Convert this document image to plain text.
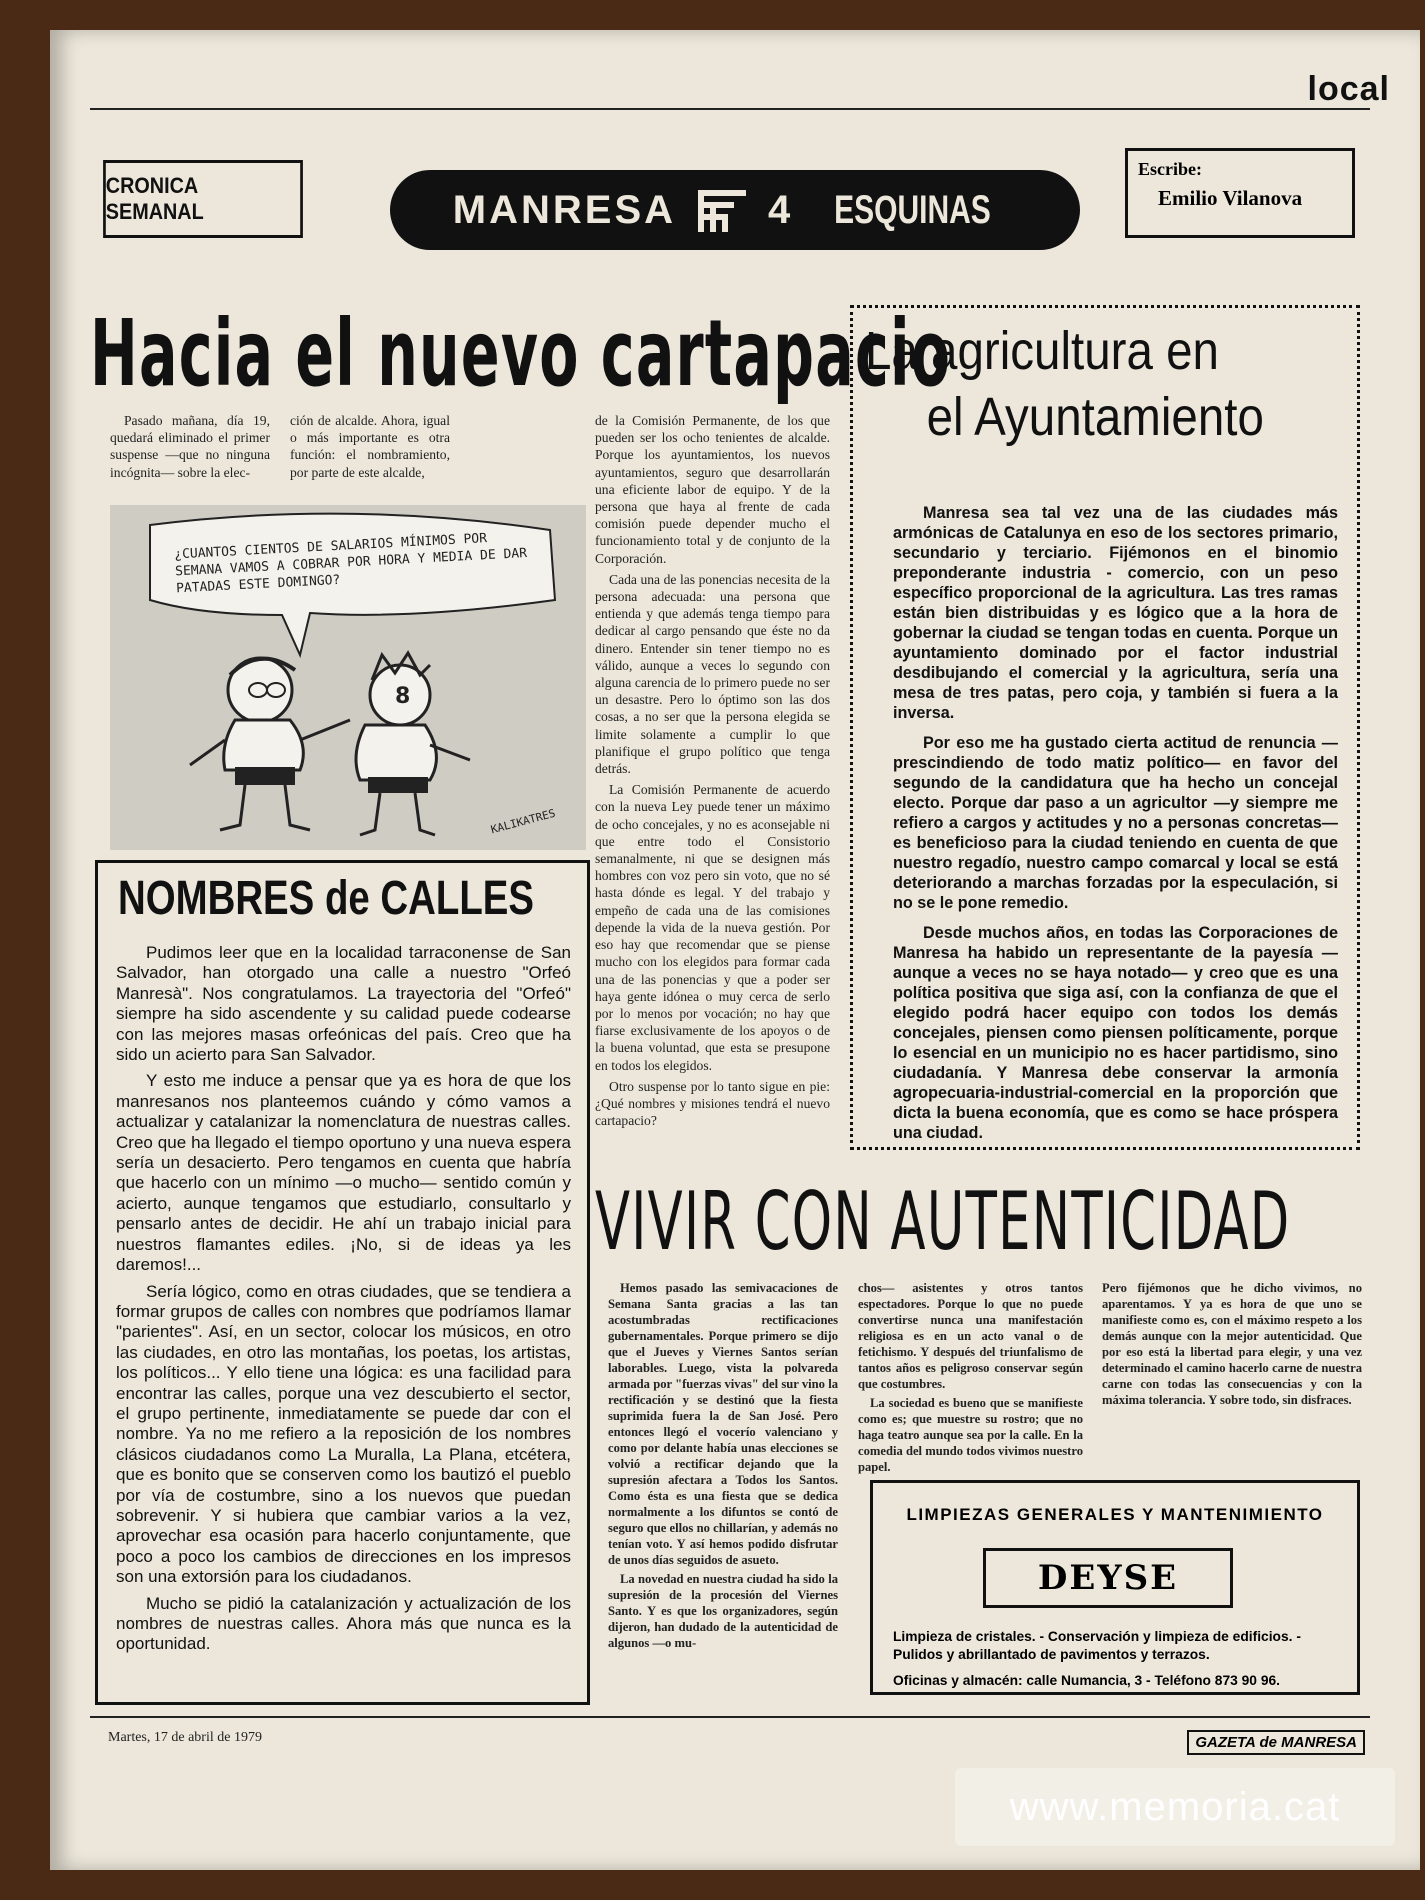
local
CRONICA SEMANAL	MANRESA 4 ESQUINAS
Escribe:
Emilio Vilanova
Hacia el nuevo cartapacio

Pasado mañana, día 19, quedará eliminado el primer suspense —que no ninguna incógnita— sobre la elec-

ción de alcalde. Ahora, igual o más importante es otra función: el nombramiento, por parte de este alcalde,

de la Comisión Permanente, de los que pueden ser los ocho tenientes de alcalde. Porque los ayuntamientos, los nuevos ayuntamientos, seguro que desarrollarán una eficiente labor de equipo. Y de la persona que haya al frente de cada comisión puede depender mucho el funcionamiento total y de conjunto de la Corporación.

Cada una de las ponencias necesita de la persona adecuada: una persona que entienda y que además tenga tiempo para dedicar al cargo pensando que éste no da dinero. Entender sin tener tiempo no es válido, aunque a veces lo segundo con alguna carencia de lo primero puede no ser un desastre. Pero lo óptimo son las dos cosas, a no ser que la persona elegida se limite solamente a cumplir lo que planifique el grupo político que tenga detrás.

La Comisión Permanente de acuerdo con la nueva Ley puede tener un máximo de ocho concejales, y no es aconsejable ni que entre todo el Consistorio semanalmente, ni que se designen más hombres con voz pero sin voto, que no sé hasta dónde es legal. Y del trabajo y empeño de cada una de las comisiones depende la vida de la nueva gestión. Por eso hay que recomendar que se piense mucho con los elegidos para formar cada una de las ponencias y que a poder ser haya gente idónea o muy cerca de serlo por lo menos por vocación; no hay que fiarse exclusivamente de los apoyos o de la buena voluntad, que esta se presupone en todos los elegidos.

Otro suspense por lo tanto sigue en pie: ¿Qué nombres y misiones tendrá el nuevo cartapacio?

8
¿CUANTOS CIENTOS DE SALARIOS MÍNIMOS POR SEMANA VAMOS A COBRAR POR HORA Y MEDIA DE DAR PATADAS ESTE DOMINGO?
KALIKATRES
NOMBRES de CALLES

Pudimos leer que en la localidad tarraconense de San Salvador, han otorgado una calle a nuestro "Orfeó Manresà". Nos congratulamos. La trayectoria del "Orfeó" siempre ha sido ascendente y su calidad puede codearse con las mejores masas orfeónicas del país. Creo que ha sido un acierto para San Salvador.

Y esto me induce a pensar que ya es hora de que los manresanos nos planteemos cuándo y cómo vamos a actualizar y catalanizar la nomenclatura de nuestras calles. Creo que ha llegado el tiempo oportuno y una nueva espera sería un desacierto. Pero tengamos en cuenta que habría que hacerlo con un mínimo —o mucho— sentido común y acierto, aunque tengamos que estudiarlo, consultarlo y pensarlo antes de decidir. He ahí un trabajo inicial para nuestros flamantes ediles. ¡No, si de ideas ya les daremos!...

Sería lógico, como en otras ciudades, que se tendiera a formar grupos de calles con nombres que podríamos llamar "parientes". Así, en un sector, colocar los músicos, en otro las ciudades, en otro las montañas, los poetas, los artistas, los políticos... Y ello tiene una lógica: es una facilidad para encontrar las calles, porque una vez descubierto el sector, el grupo pertinente, inmediatamente se puede dar con el nombre. Ya no me refiero a la reposición de los nombres clásicos ciudadanos como La Muralla, La Plana, etcétera, que es bonito que se conserven como los bautizó el pueblo por vía de costumbre, sino a los nuevos que puedan sobrevenir. Y si hubiera que cambiar varios a la vez, aprovechar esa ocasión para hacerlo conjuntamente, que poco a poco los cambios de direcciones en los impresos son una extorsión para los ciudadanos.

Mucho se pidió la catalanización y actualización de los nombres de nuestras calles. Ahora más que nunca es la oportunidad.

La agricultura en
el Ayuntamiento

Manresa sea tal vez una de las ciudades más armónicas de Catalunya en eso de los sectores primario, secundario y terciario. Fijémonos en el binomio preponderante industria - comercio, con un peso específico proporcional de la agricultura. Las tres ramas están bien distribuidas y es lógico que a la hora de gobernar la ciudad se tengan todas en cuenta. Porque un ayuntamiento dominado por el factor industrial desdibujando el comercial y la agricultura, sería una mesa de tres patas, pero coja, y también si fuera a la inversa.

Por eso me ha gustado cierta actitud de renuncia —prescindiendo de todo matiz político— en favor del segundo de la candidatura que ha hecho un concejal electo. Porque dar paso a un agricultor —y siempre me refiero a cargos y actitudes y no a personas concretas— es beneficioso para la ciudad teniendo en cuenta de que nuestro regadío, nuestro campo comarcal y local se está deteriorando a marchas forzadas por la especulación, si no se le pone remedio.

Desde muchos años, en todas las Corporaciones de Manresa ha habido un representante de la payesía —aunque a veces no se haya notado— y creo que es una política positiva que siga así, con la confianza de que el elegido podrá hacer equipo con todos los demás concejales, piensen como piensen políticamente, porque lo esencial en un municipio no es hacer partidismo, sino ciudadanía. Y Manresa debe conservar la armonía agropecuaria-industrial-comercial en la proporción que dicta la buena economía, que es como se hace próspera una ciudad.

VIVIR CON AUTENTICIDAD

Hemos pasado las semivacaciones de Semana Santa gracias a las tan acostumbradas rectificaciones gubernamentales. Porque primero se dijo que el Jueves y Viernes Santos serían laborables. Luego, vista la polvareda armada por "fuerzas vivas" del sur vino la rectificación y se destinó que la fiesta suprimida fuera la de San José. Pero entonces llegó el vocerío valenciano y como por delante había unas elecciones se volvió a rectificar dejando que la supresión afectara a Todos los Santos. Como ésta es una fiesta que se dedica normalmente a los difuntos se contó de seguro que ellos no chillarían, y además no tenían voto. Y así hemos podido disfrutar de unos días seguidos de asueto.

La novedad en nuestra ciudad ha sido la supresión de la procesión del Viernes Santo. Y es que los organizadores, según dijeron, han dudado de la autenticidad de algunos —o mu-

chos— asistentes y otros tantos espectadores. Porque lo que no puede convertirse nunca una manifestación religiosa es en un acto vanal o de fetichismo. Y después del triunfalismo de tantos años es peligroso conservar según que costumbres.

La sociedad es bueno que se manifieste como es; que muestre su rostro; que no haga teatro aunque sea por la calle. En la comedia del mundo todos vivimos nuestro papel.

Pero fijémonos que he dicho vivimos, no aparentamos. Y ya es hora de que uno se manifieste como es, con el máximo respeto a los demás aunque con la mejor autenticidad. Que por eso está la libertad para elegir, y una vez determinado el camino hacerlo carne de nuestra carne con todas las consecuencias y con la máxima tolerancia. Y sobre todo, sin disfraces.

LIMPIEZAS GENERALES Y MANTENIMIENTO
DEYSE
Limpieza de cristales. - Conservación y limpieza de edificios. - Pulidos y abrillantado de pavimentos y terrazos.
Oficinas y almacén: calle Numancia, 3 - Teléfono 873 90 96.
Martes, 17 de abril de 1979	GAZETA de MANRESA
www.memoria.cat
